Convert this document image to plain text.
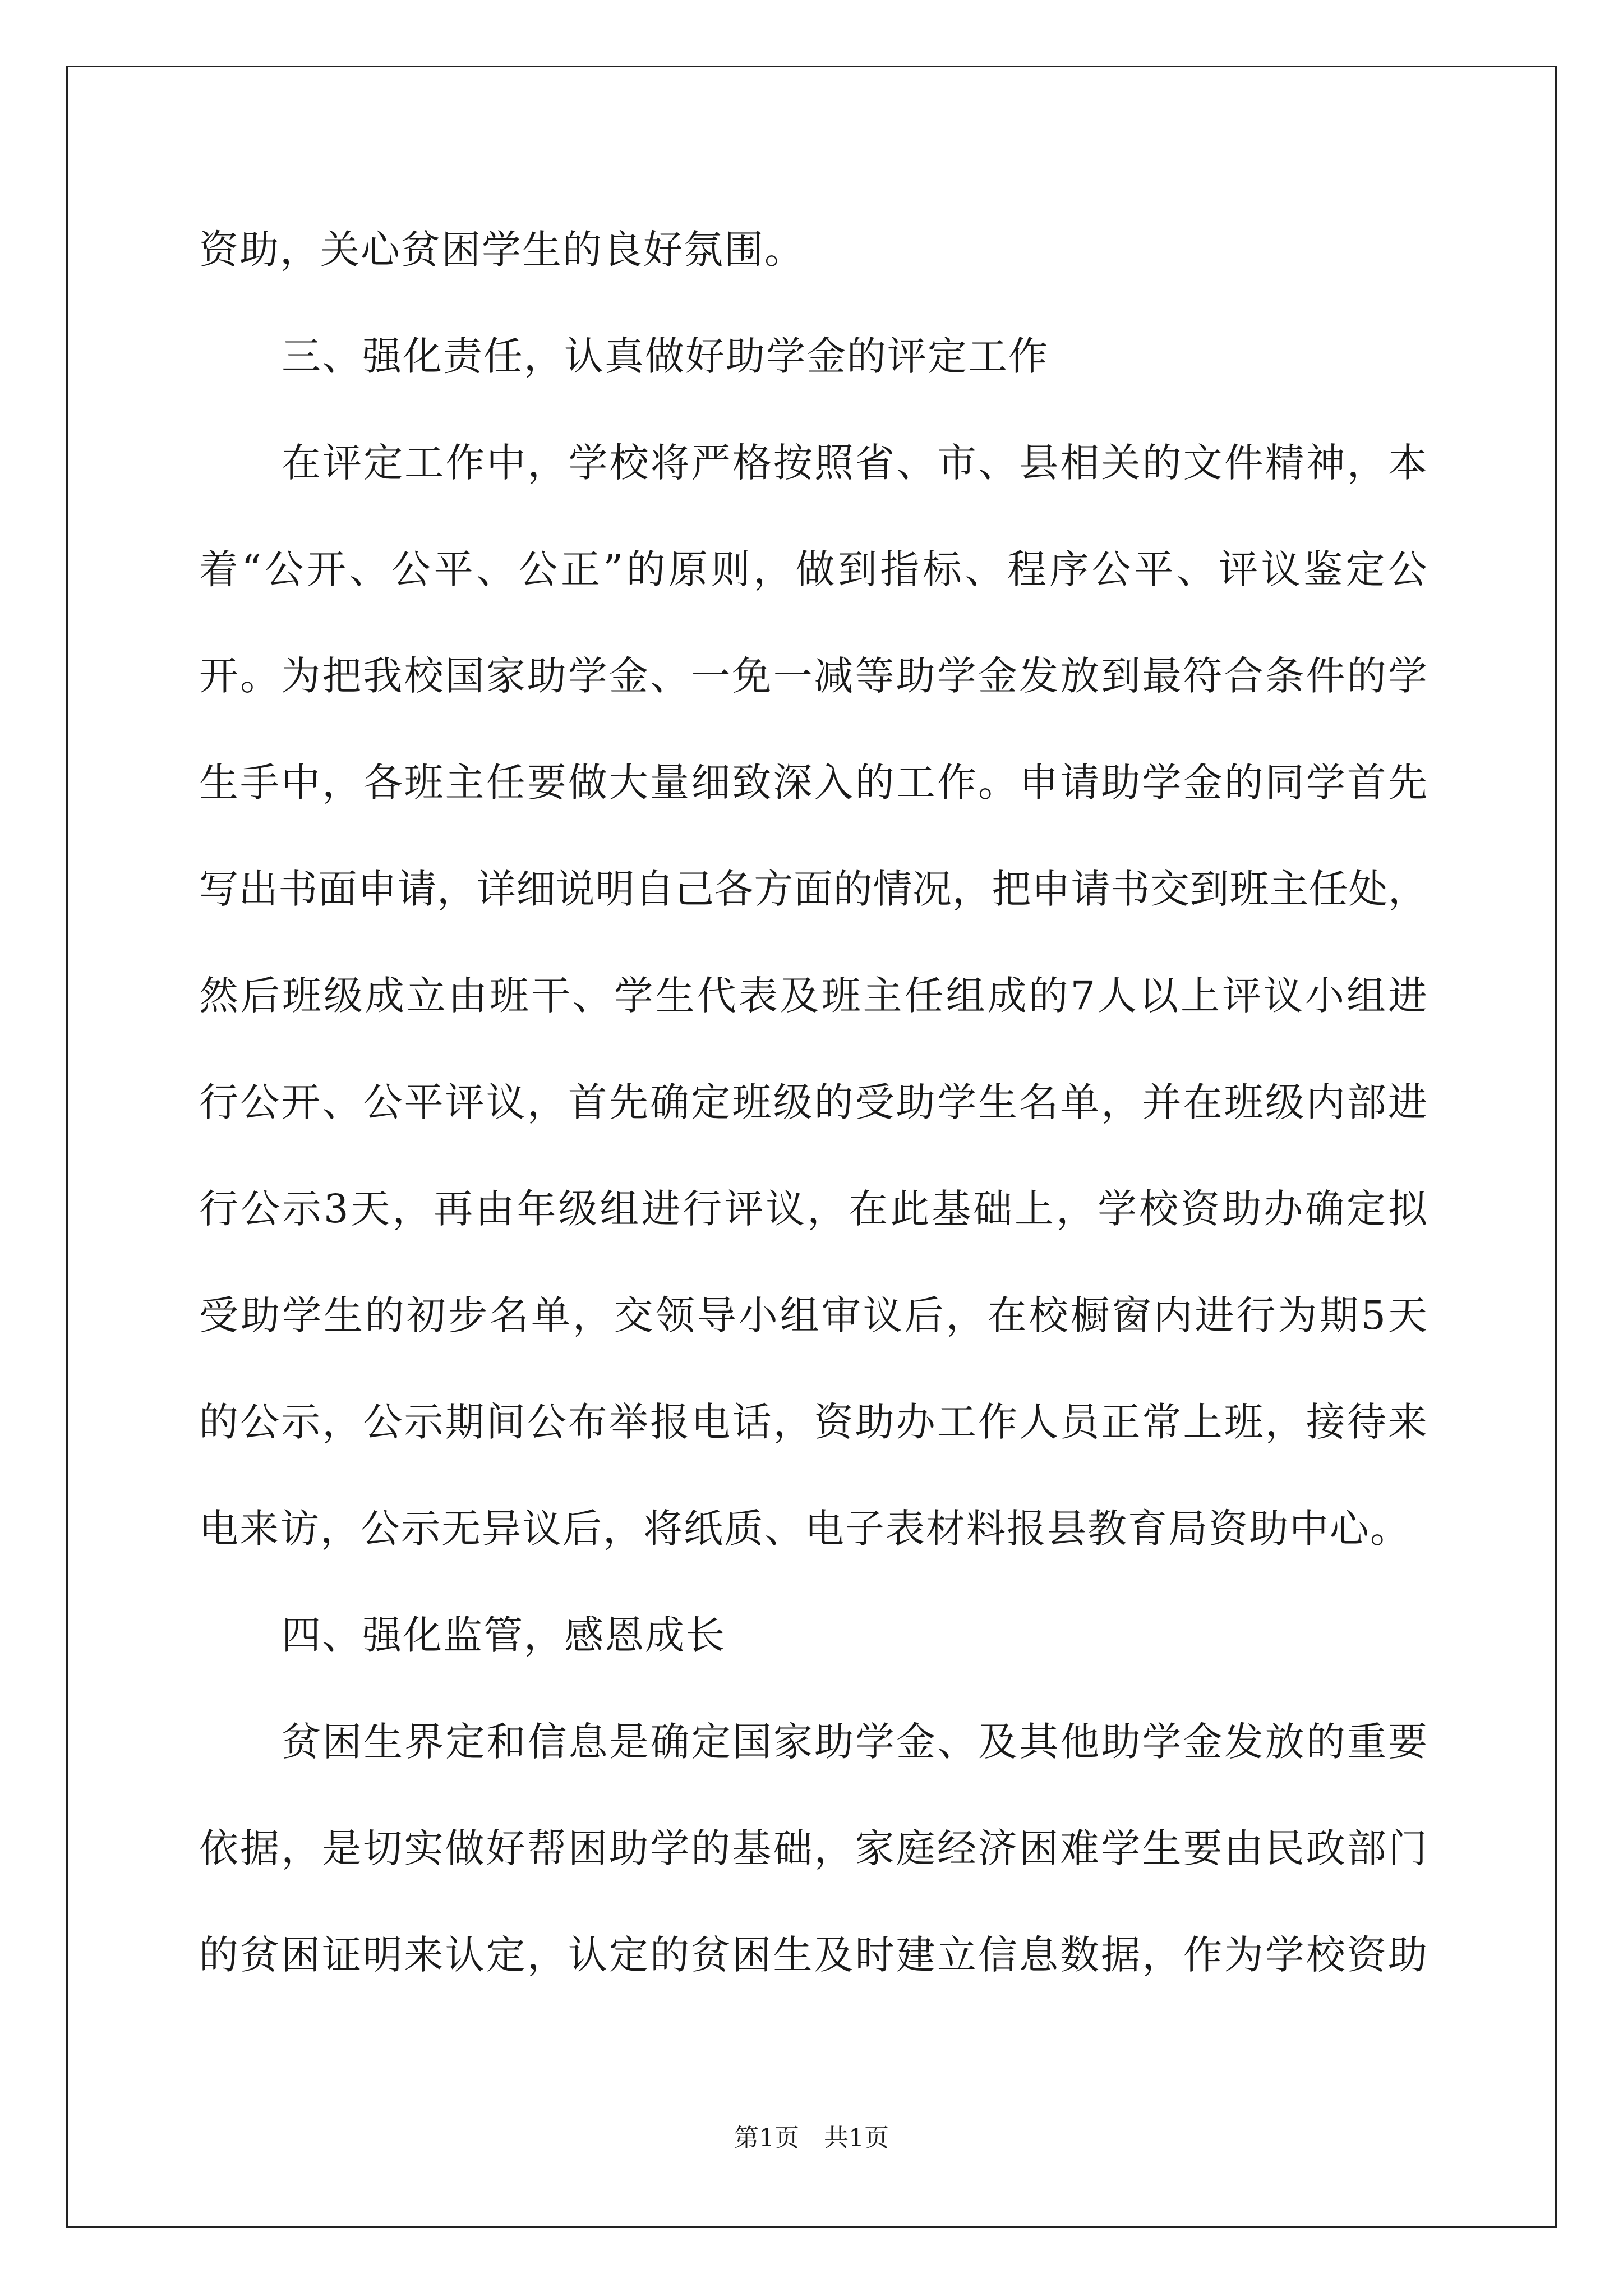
资助，关心贫困学生的良好氛围。
三、强化责任，认真做好助学金的评定工作
在评定工作中，学校将严格按照省、市、县相关的文件精神，本
着“公开、公平、公正”的原则，做到指标、程序公平、评议鉴定公
开。为把我校国家助学金、一免一减等助学金发放到最符合条件的学
生手中，各班主任要做大量细致深入的工作。申请助学金的同学首先
写出书面申请，详细说明自己各方面的情况，把申请书交到班主任处，
然后班级成立由班干、学生代表及班主任组成的7人以上评议小组进
行公开、公平评议，首先确定班级的受助学生名单，并在班级内部进
行公示3天，再由年级组进行评议，在此基础上，学校资助办确定拟
受助学生的初步名单，交领导小组审议后，在校橱窗内进行为期5天
的公示，公示期间公布举报电话，资助办工作人员正常上班，接待来
电来访，公示无异议后，将纸质、电子表材料报县教育局资助中心。
四、强化监管，感恩成长
贫困生界定和信息是确定国家助学金、及其他助学金发放的重要
依据，是切实做好帮困助学的基础，家庭经济困难学生要由民政部门
的贫困证明来认定，认定的贫困生及时建立信息数据，作为学校资助
第1页　共1页
